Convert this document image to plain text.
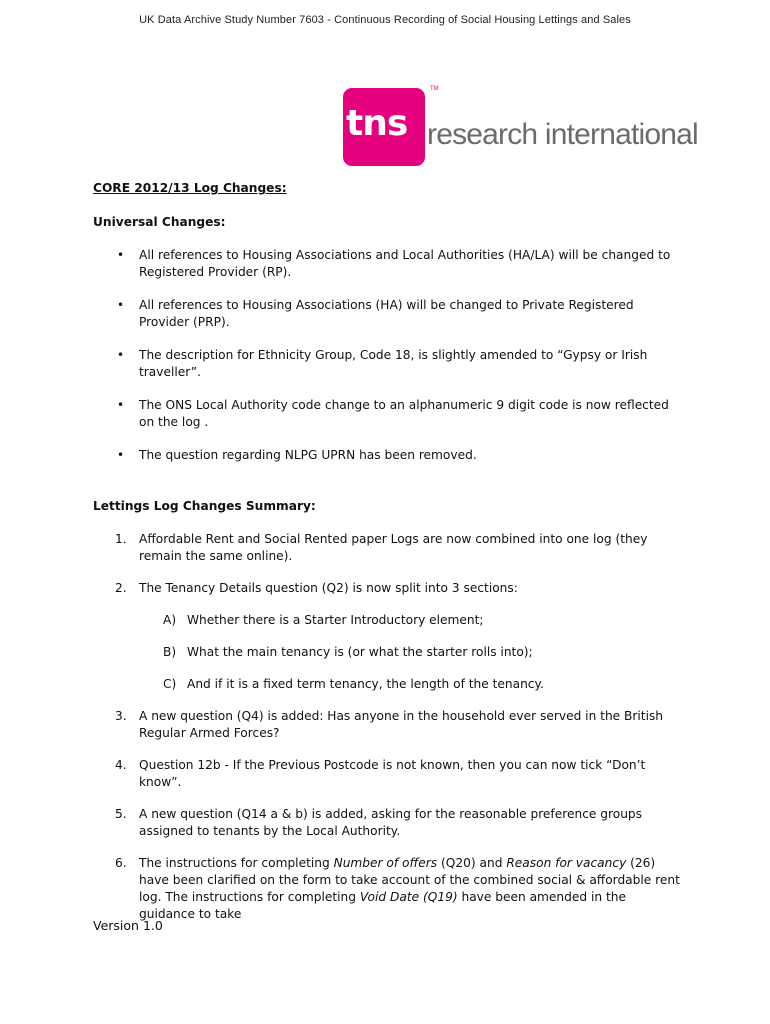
UK Data Archive Study Number 7603 - Continuous Recording of Social Housing Lettings and Sales
tns
TM
research international
CORE 2012/13 Log Changes:
Universal Changes:
• All references to Housing Associations and Local Authorities (HA/LA) will be changed to Registered Provider (RP).
• All references to Housing Associations (HA) will be changed to Private Registered Provider (PRP).
• The description for Ethnicity Group, Code 18, is slightly amended to “Gypsy or Irish traveller”.
• The ONS Local Authority code change to an alphanumeric 9 digit code is now reflected on the log .
• The question regarding NLPG UPRN has been removed.
Lettings Log Changes Summary:
1. Affordable Rent and Social Rented paper Logs are now combined into one log (they remain the same online).
2. The Tenancy Details question (Q2) is now split into 3 sections:
A) Whether there is a Starter Introductory element;
B) What the main tenancy is (or what the starter rolls into);
C) And if it is a fixed term tenancy, the length of the tenancy.
3. A new question (Q4) is added: Has anyone in the household ever served in the British Regular Armed Forces?
4. Question 12b - If the Previous Postcode is not known, then you can now tick “Don’t know”.
5. A new question (Q14 a & b) is added, asking for the reasonable preference groups assigned to tenants by the Local Authority.
6. The instructions for completing Number of offers (Q20) and Reason for vacancy (26) have been clarified on the form to take account of the combined social & affordable rent log. The instructions for completing Void Date (Q19) have been amended in the guidance to take
Version 1.0
